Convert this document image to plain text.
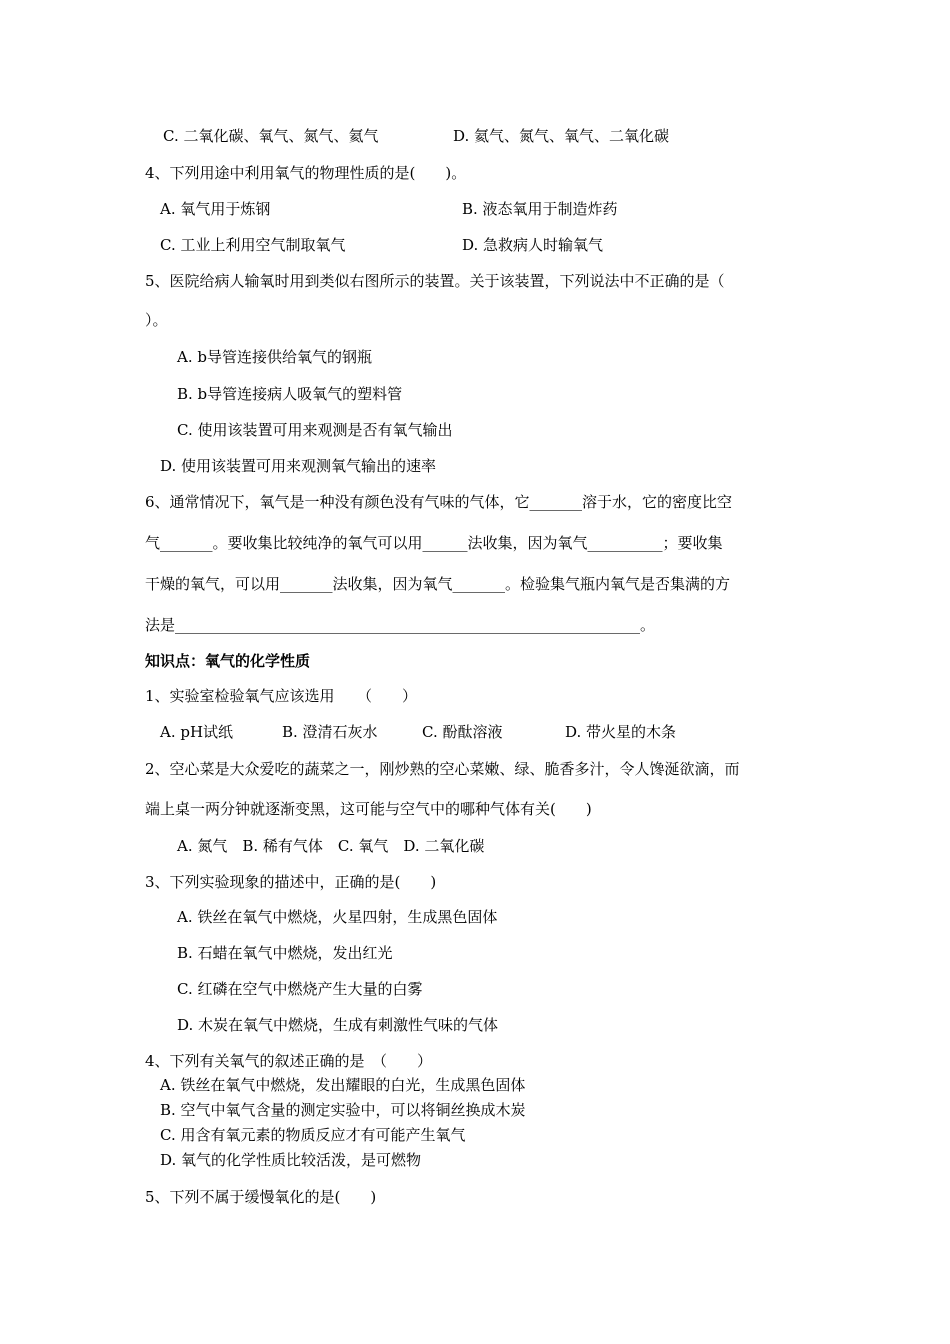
C. 二氧化碳、氧气、氮气、氦气	D. 氦气、氮气、氧气、二氧化碳
4、下列用途中利用氧气的物理性质的是(　　)。
A. 氧气用于炼钢	B. 液态氧用于制造炸药
C. 工业上利用空气制取氧气	D. 急救病人时输氧气
5、医院给病人输氧时用到类似右图所示的装置。关于该装置，下列说法中不正确的是（
）。
A. b导管连接供给氧气的钢瓶
B. b导管连接病人吸氧气的塑料管
C. 使用该装置可用来观测是否有氧气输出
D. 使用该装置可用来观测氧气输出的速率
6、通常情况下，氧气是一种没有颜色没有气味的气体，它_______溶于水，它的密度比空
气_______。要收集比较纯净的氧气可以用______法收集，因为氧气__________；要收集
干燥的氧气，可以用_______法收集，因为氧气_______。检验集气瓶内氧气是否集满的方
法是______________________________________________________________。
知识点：氧气的化学性质
1、实验室检验氧气应该选用　　（　　）
A. pH试纸	B. 澄清石灰水	C. 酚酞溶液	D. 带火星的木条
2、空心菜是大众爱吃的蔬菜之一，刚炒熟的空心菜嫩、绿、脆香多汁，令人馋涎欲滴，而
端上桌一两分钟就逐渐变黑，这可能与空气中的哪种气体有关(　　)
A. 氮气　B. 稀有气体　C. 氧气　D. 二氧化碳
3、下列实验现象的描述中，正确的是(　　)
A. 铁丝在氧气中燃烧，火星四射，生成黑色固体
B. 石蜡在氧气中燃烧，发出红光
C. 红磷在空气中燃烧产生大量的白雾
D. 木炭在氧气中燃烧，生成有刺激性气味的气体
4、下列有关氧气的叙述正确的是　（　　）
A. 铁丝在氧气中燃烧，发出耀眼的白光，生成黑色固体
B. 空气中氧气含量的测定实验中，可以将铜丝换成木炭
C. 用含有氧元素的物质反应才有可能产生氧气
D. 氧气的化学性质比较活泼，是可燃物
5、下列不属于缓慢氧化的是(　　)
